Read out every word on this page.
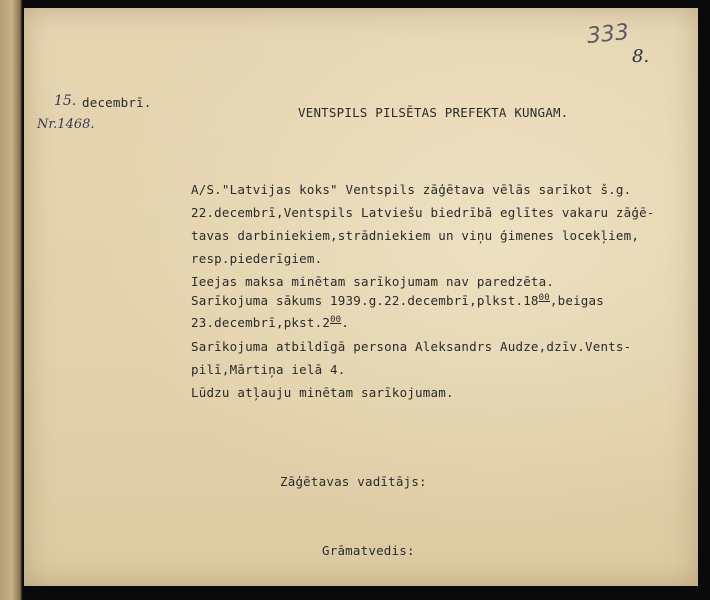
333
8.
15. decembrī.
Nr.1468.
VENTSPILS PILSĒTAS PREFEKTA KUNGAM.
A/S."Latvijas koks" Ventspils zāģētava vēlās sarīkot š.g.
22.decembrī,Ventspils Latviešu biedrībā eglītes vakaru zāģē-
tavas darbiniekiem,strādniekiem un viņu ģimenes locekļiem,
resp.piederīgiem.
Ieejas maksa minētam sarīkojumam nav paredzēta.
Sarīkojuma sākums $1939.g.22.decembrī,plkst.18^{00},beigas$
$23.decembrī,pkst.2^{00}$.
Sarīkojuma atbildīgā persona Aleksandrs Audze,dzīv.Vents-
pilī,Mārtiņa ielā 4.
Lūdzu atļauju minētam sarīkojumam.
Zāģētavas vadītājs:
Grāmatvedis:
